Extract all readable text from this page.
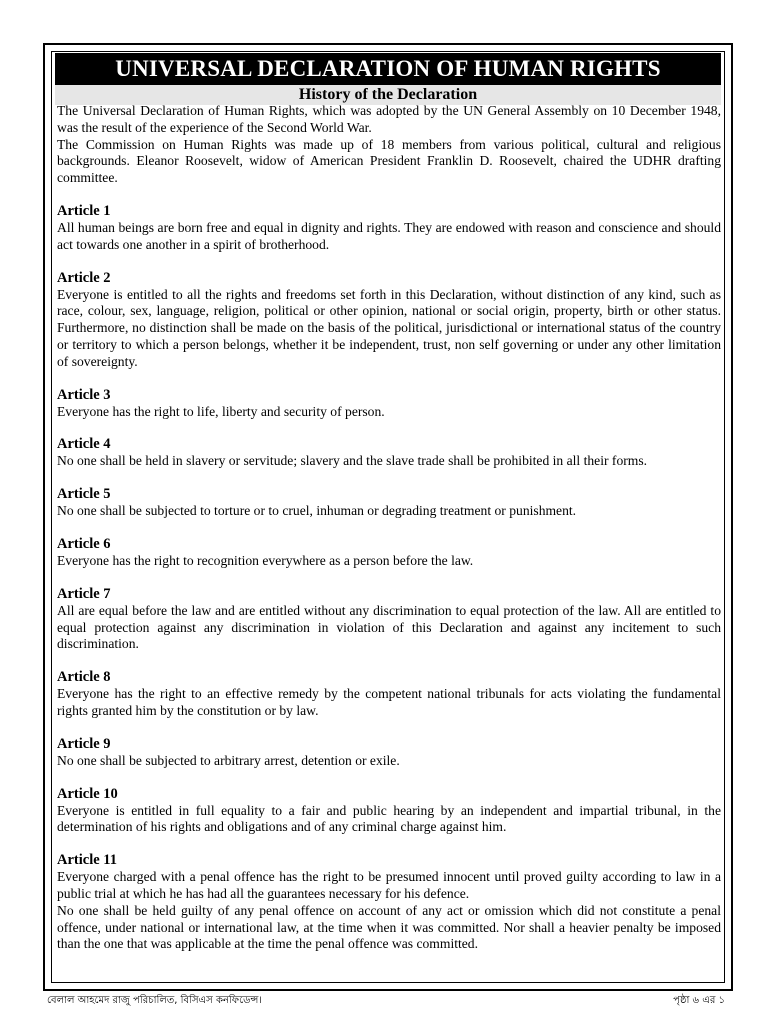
UNIVERSAL DECLARATION OF HUMAN RIGHTS
History of the Declaration

The Universal Declaration of Human Rights, which was adopted by the UN General Assembly on 10 December 1948, was the result of the experience of the Second World War.

The Commission on Human Rights was made up of 18 members from various political, cultural and religious backgrounds. Eleanor Roosevelt, widow of American President Franklin D. Roosevelt, chaired the UDHR drafting committee.

Article 1

All human beings are born free and equal in dignity and rights. They are endowed with reason and conscience and should act towards one another in a spirit of brotherhood.

Article 2

Everyone is entitled to all the rights and freedoms set forth in this Declaration, without distinction of any kind, such as race, colour, sex, language, religion, political or other opinion, national or social origin, property, birth or other status. Furthermore, no distinction shall be made on the basis of the political, jurisdictional or international status of the country or territory to which a person belongs, whether it be independent, trust, non self governing or under any other limitation of sovereignty.

Article 3

Everyone has the right to life, liberty and security of person.

Article 4

No one shall be held in slavery or servitude; slavery and the slave trade shall be prohibited in all their forms.

Article 5

No one shall be subjected to torture or to cruel, inhuman or degrading treatment or punishment.

Article 6

Everyone has the right to recognition everywhere as a person before the law.

Article 7

All are equal before the law and are entitled without any discrimination to equal protection of the law. All are entitled to equal protection against any discrimination in violation of this Declaration and against any incitement to such discrimination.

Article 8

Everyone has the right to an effective remedy by the competent national tribunals for acts violating the fundamental rights granted him by the constitution or by law.

Article 9

No one shall be subjected to arbitrary arrest, detention or exile.

Article 10

Everyone is entitled in full equality to a fair and public hearing by an independent and impartial tribunal, in the determination of his rights and obligations and of any criminal charge against him.

Article 11

Everyone charged with a penal offence has the right to be presumed innocent until proved guilty according to law in a public trial at which he has had all the guarantees necessary for his defence.

No one shall be held guilty of any penal offence on account of any act or omission which did not constitute a penal offence, under national or international law, at the time when it was committed. Nor shall a heavier penalty be imposed than the one that was applicable at the time the penal offence was committed.

বেলাল আহমেদ রাজু পরিচালিত, বিসিএস কনফিডেন্স।	পৃষ্ঠা ৬ এর ১
